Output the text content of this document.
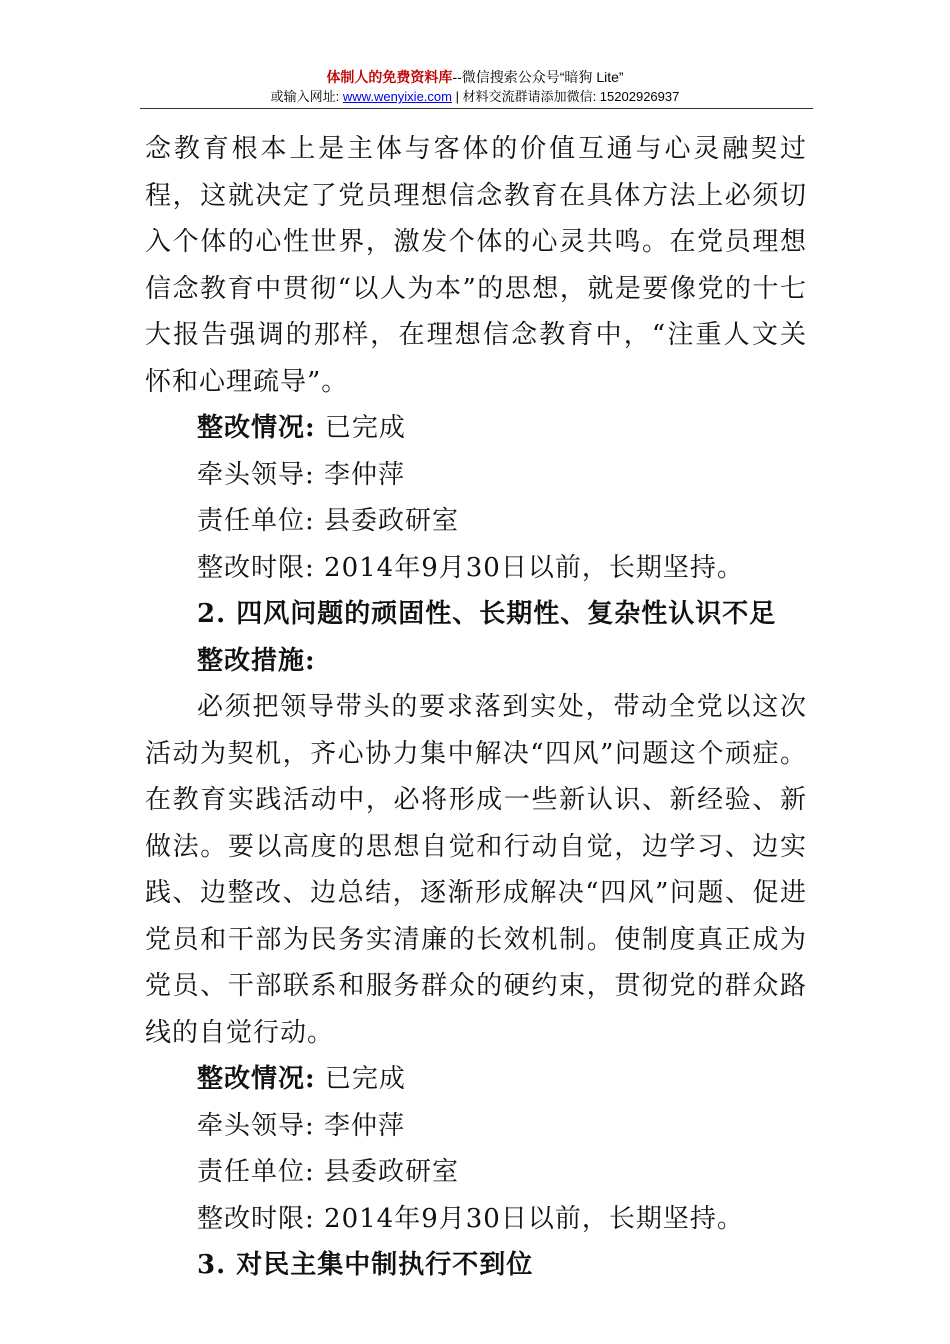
体制人的免费资料库--微信搜索公众号“暗狗 Lite”
或输入网址: www.wenyixie.com | 材料交流群请添加微信: 15202926937

念教育根本上是主体与客体的价值互通与心灵融契过程，这就决定了党员理想信念教育在具体方法上必须切入个体的心性世界，激发个体的心灵共鸣。在党员理想信念教育中贯彻“以人为本”的思想，就是要像党的十七大报告强调的那样，在理想信念教育中，“注重人文关怀和心理疏导”。

整改情况: 已完成

牵头领导: 李仲萍

责任单位: 县委政研室

整改时限: 2014年9月30日以前，长期坚持。

2. 四风问题的顽固性、长期性、复杂性认识不足

整改措施:

必须把领导带头的要求落到实处，带动全党以这次活动为契机，齐心协力集中解决“四风”问题这个顽症。在教育实践活动中，必将形成一些新认识、新经验、新做法。要以高度的思想自觉和行动自觉，边学习、边实践、边整改、边总结，逐渐形成解决“四风”问题、促进党员和干部为民务实清廉的长效机制。使制度真正成为党员、干部联系和服务群众的硬约束，贯彻党的群众路线的自觉行动。

整改情况: 已完成

牵头领导: 李仲萍

责任单位: 县委政研室

整改时限: 2014年9月30日以前，长期坚持。

3. 对民主集中制执行不到位
